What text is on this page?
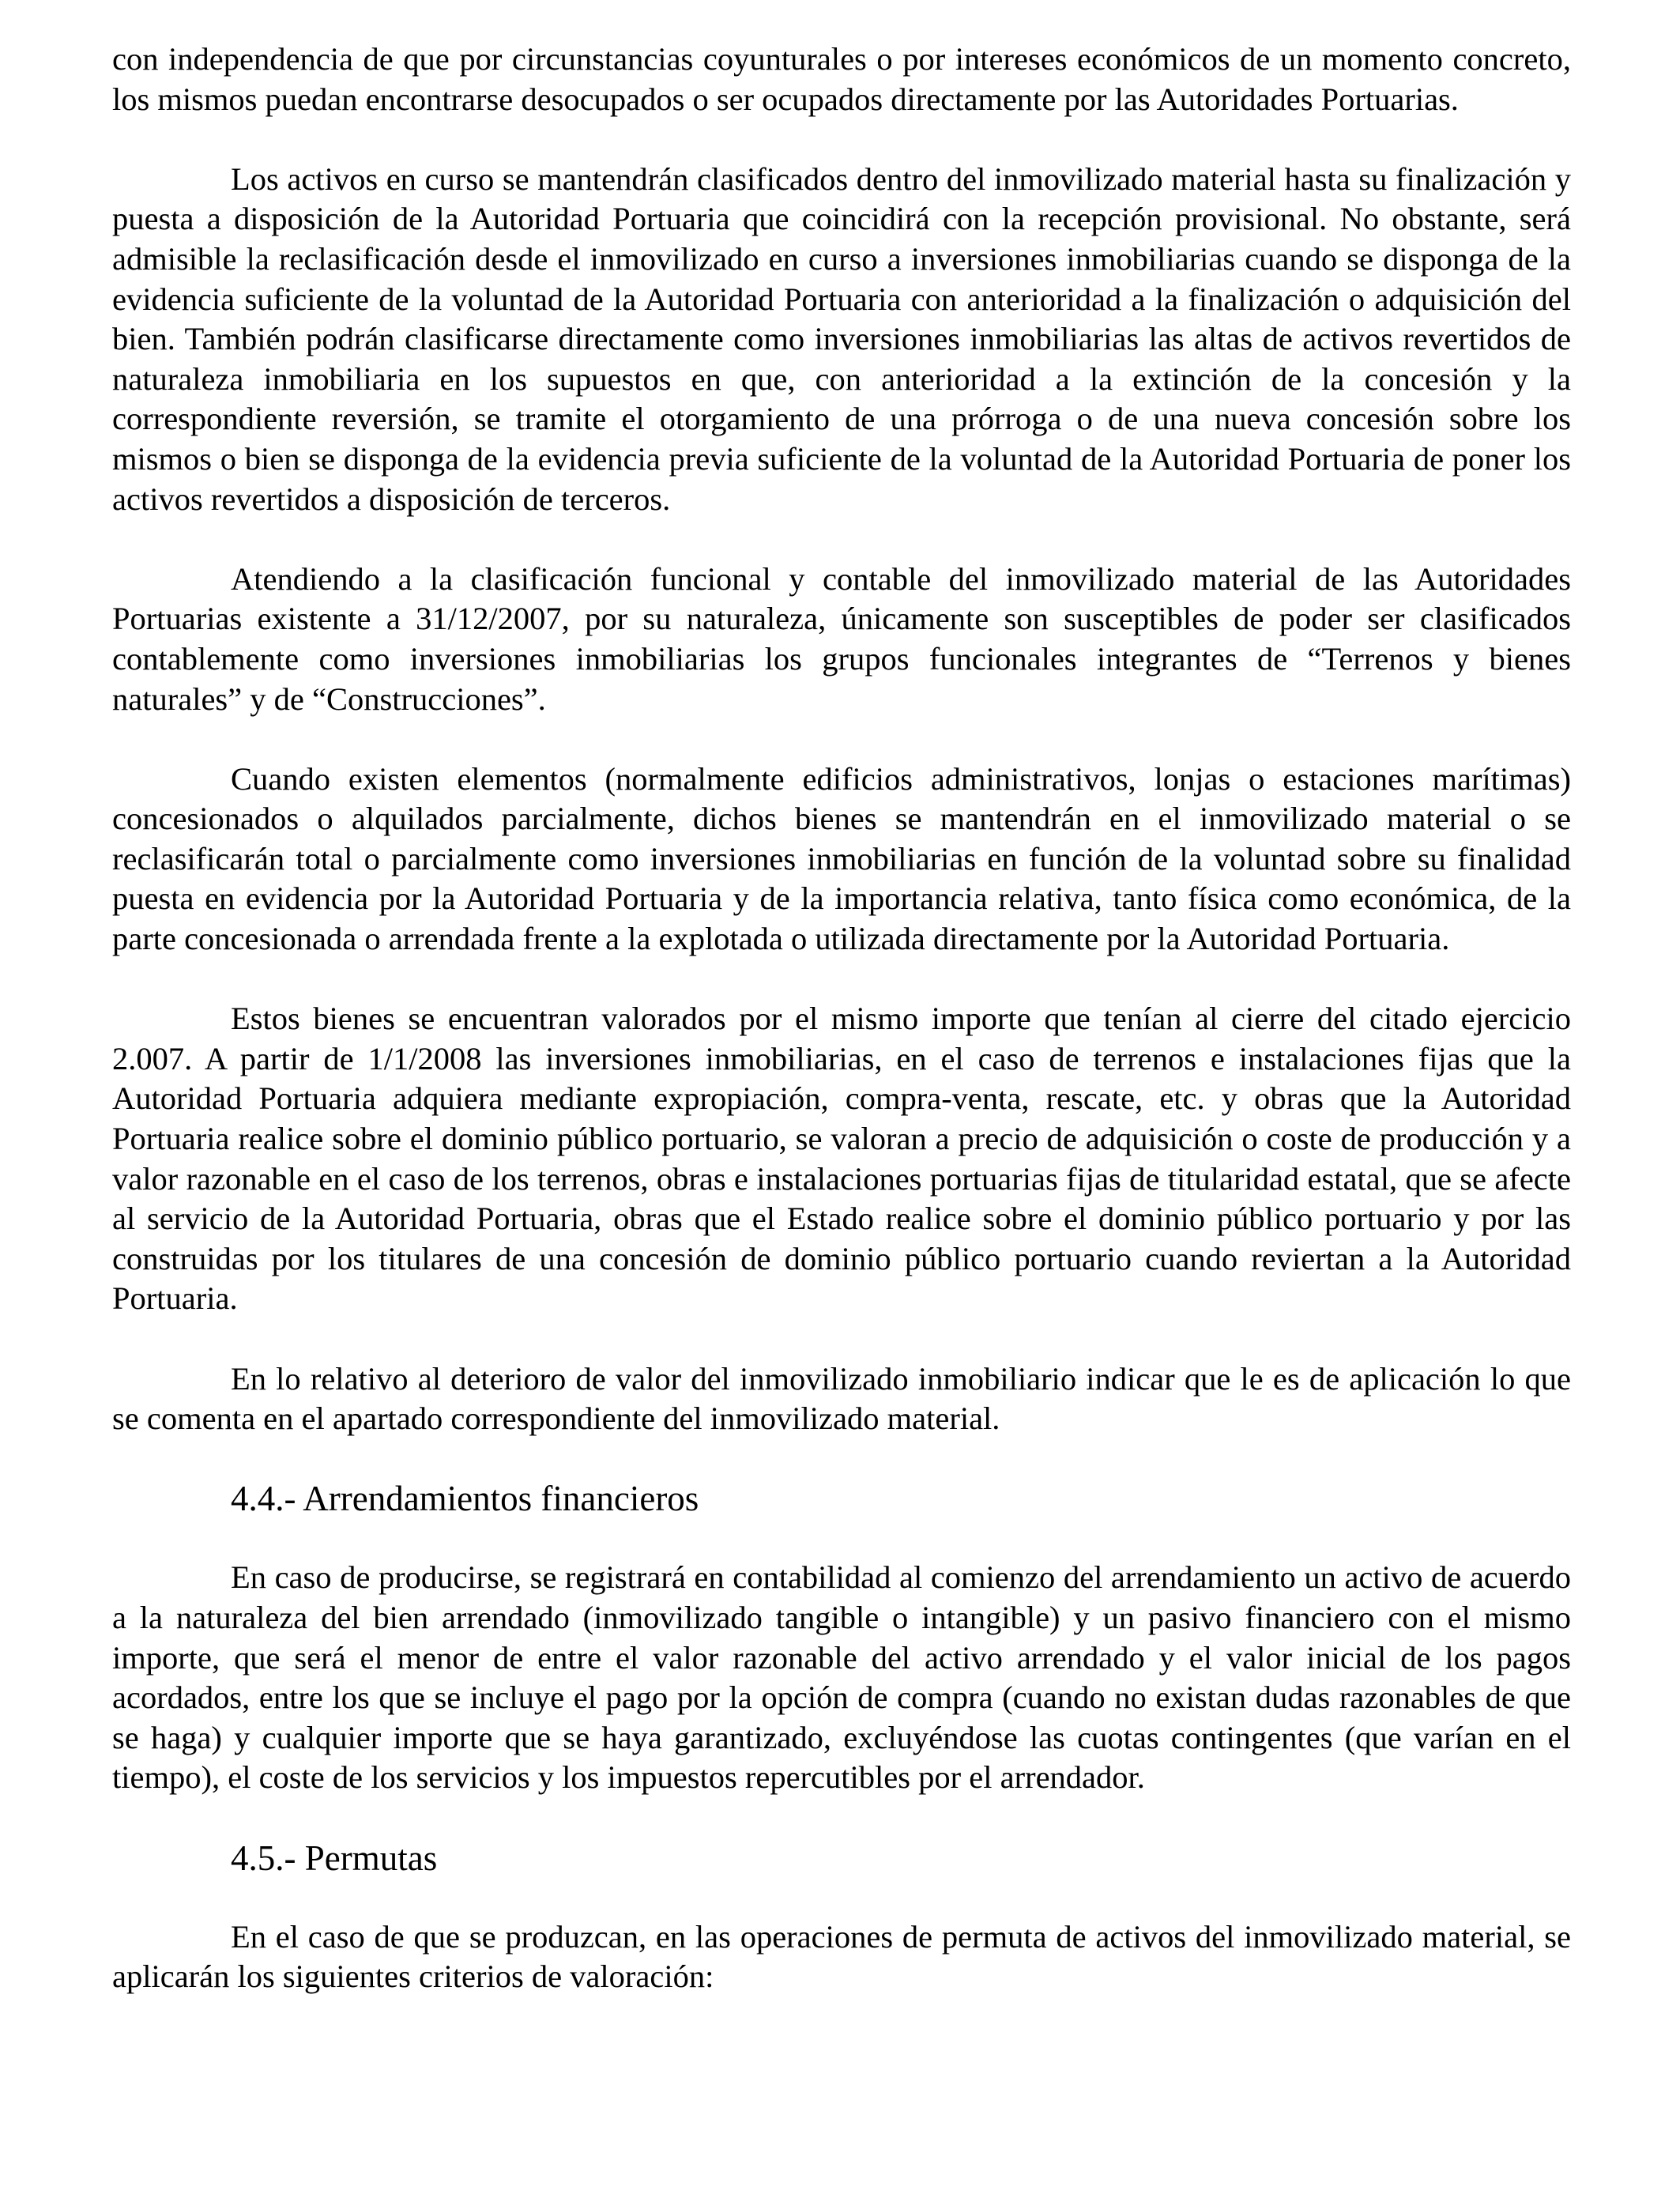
con independencia de que por circunstancias coyunturales o por intereses económicos de un momento concreto, los mismos puedan encontrarse desocupados o ser ocupados directamente por las Autoridades Portuarias.

Los activos en curso se mantendrán clasificados dentro del inmovilizado material hasta su finalización y puesta a disposición de la Autoridad Portuaria que coincidirá con la recepción provisional. No obstante, será admisible la reclasificación desde el inmovilizado en curso a inversiones inmobiliarias cuando se disponga de la evidencia suficiente de la voluntad de la Autoridad Portuaria con anterioridad a la finalización o adquisición del bien. También podrán clasificarse directamente como inversiones inmobiliarias las altas de activos revertidos de naturaleza inmobiliaria en los supuestos en que, con anterioridad a la extinción de la concesión y la correspondiente reversión, se tramite el otorgamiento de una prórroga o de una nueva concesión sobre los mismos o bien se disponga de la evidencia previa suficiente de la voluntad de la Autoridad Portuaria de poner los activos revertidos a disposición de terceros.

Atendiendo a la clasificación funcional y contable del inmovilizado material de las Autoridades Portuarias existente a 31/12/2007, por su naturaleza, únicamente son susceptibles de poder ser clasificados contablemente como inversiones inmobiliarias los grupos funcionales integrantes de “Terrenos y bienes naturales” y de “Construcciones”.

Cuando existen elementos (normalmente edificios administrativos, lonjas o estaciones marítimas) concesionados o alquilados parcialmente, dichos bienes se mantendrán en el inmovilizado material o se reclasificarán total o parcialmente como inversiones inmobiliarias en función de la voluntad sobre su finalidad puesta en evidencia por la Autoridad Portuaria y de la importancia relativa, tanto física como económica, de la parte concesionada o arrendada frente a la explotada o utilizada directamente por la Autoridad Portuaria.

Estos bienes se encuentran valorados por el mismo importe que tenían al cierre del citado ejercicio 2.007. A partir de 1/1/2008 las inversiones inmobiliarias, en el caso de terrenos e instalaciones fijas que la Autoridad Portuaria adquiera mediante expropiación, compra-venta, rescate, etc. y obras que la Autoridad Portuaria realice sobre el dominio público portuario, se valoran a precio de adquisición o coste de producción y a valor razonable en el caso de los terrenos, obras e instalaciones portuarias fijas de titularidad estatal, que se afecte al servicio de la Autoridad Portuaria, obras que el Estado realice sobre el dominio público portuario y por las construidas por los titulares de una concesión de dominio público portuario cuando reviertan a la Autoridad Portuaria.

En lo relativo al deterioro de valor del inmovilizado inmobiliario indicar que le es de aplicación lo que se comenta en el apartado correspondiente del inmovilizado material.

4.4.- Arrendamientos financieros

En caso de producirse, se registrará en contabilidad al comienzo del arrendamiento un activo de acuerdo a la naturaleza del bien arrendado (inmovilizado tangible o intangible) y un pasivo financiero con el mismo importe, que será el menor de entre el valor razonable del activo arrendado y el valor inicial de los pagos acordados, entre los que se incluye el pago por la opción de compra (cuando no existan dudas razonables de que se haga) y cualquier importe que se haya garantizado, excluyéndose las cuotas contingentes (que varían en el tiempo), el coste de los servicios y los impuestos repercutibles por el arrendador.

4.5.- Permutas

En el caso de que se produzcan, en las operaciones de permuta de activos del inmovilizado material, se aplicarán los siguientes criterios de valoración:
